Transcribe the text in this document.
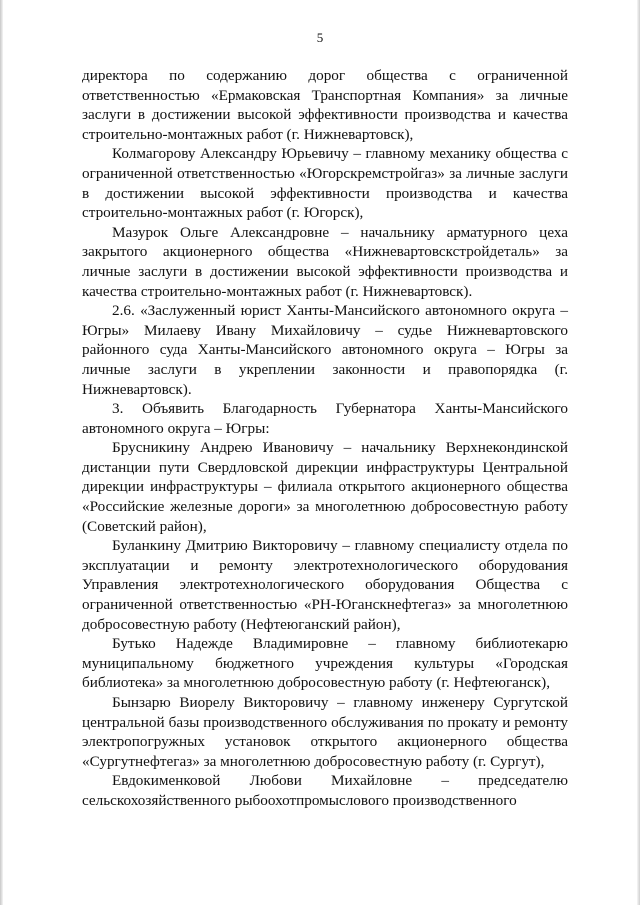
5

директора по содержанию дорог общества с ограниченной ответственностью «Ермаковская Транспортная Компания» за личные заслуги в достижении высокой эффективности производства и качества строительно-монтажных работ (г. Нижневартовск),

Колмагорову Александру Юрьевичу – главному механику общества с ограниченной ответственностью «Югорскремстройгаз» за личные заслуги в достижении высокой эффективности производства и качества строительно-монтажных работ (г. Югорск),

Мазурок Ольге Александровне – начальнику арматурного цеха закрытого акционерного общества «Нижневартовскстройдеталь» за личные заслуги в достижении высокой эффективности производства и качества строительно-монтажных работ (г. Нижневартовск).

2.6. «Заслуженный юрист Ханты-Мансийского автономного округа – Югры» Милаеву Ивану Михайловичу – судье Нижневартовского районного суда Ханты-Мансийского автономного округа – Югры за личные заслуги в укреплении законности и правопорядка (г. Нижневартовск).

3. Объявить Благодарность Губернатора Ханты-Мансийского автономного округа – Югры:

Брусникину Андрею Ивановичу – начальнику Верхнекондинской дистанции пути Свердловской дирекции инфраструктуры Центральной дирекции инфраструктуры – филиала открытого акционерного общества «Российские железные дороги» за многолетнюю добросовестную работу (Советский район),

Буланкину Дмитрию Викторовичу – главному специалисту отдела по эксплуатации и ремонту электротехнологического оборудования Управления электротехнологического оборудования Общества с ограниченной ответственностью «РН-Юганскнефтегаз» за многолетнюю добросовестную работу (Нефтеюганский район),

Бутько Надежде Владимировне – главному библиотекарю муниципальному бюджетного учреждения культуры «Городская библиотека» за многолетнюю добросовестную работу (г. Нефтеюганск),

Бынзарю Виорелу Викторовичу – главному инженеру Сургутской центральной базы производственного обслуживания по прокату и ремонту электропогружных установок открытого акционерного общества «Сургутнефтегаз» за многолетнюю добросовестную работу (г. Сургут),

Евдокименковой Любови Михайловне – председателю сельскохозяйственного рыбоохотпромыслового производственного
